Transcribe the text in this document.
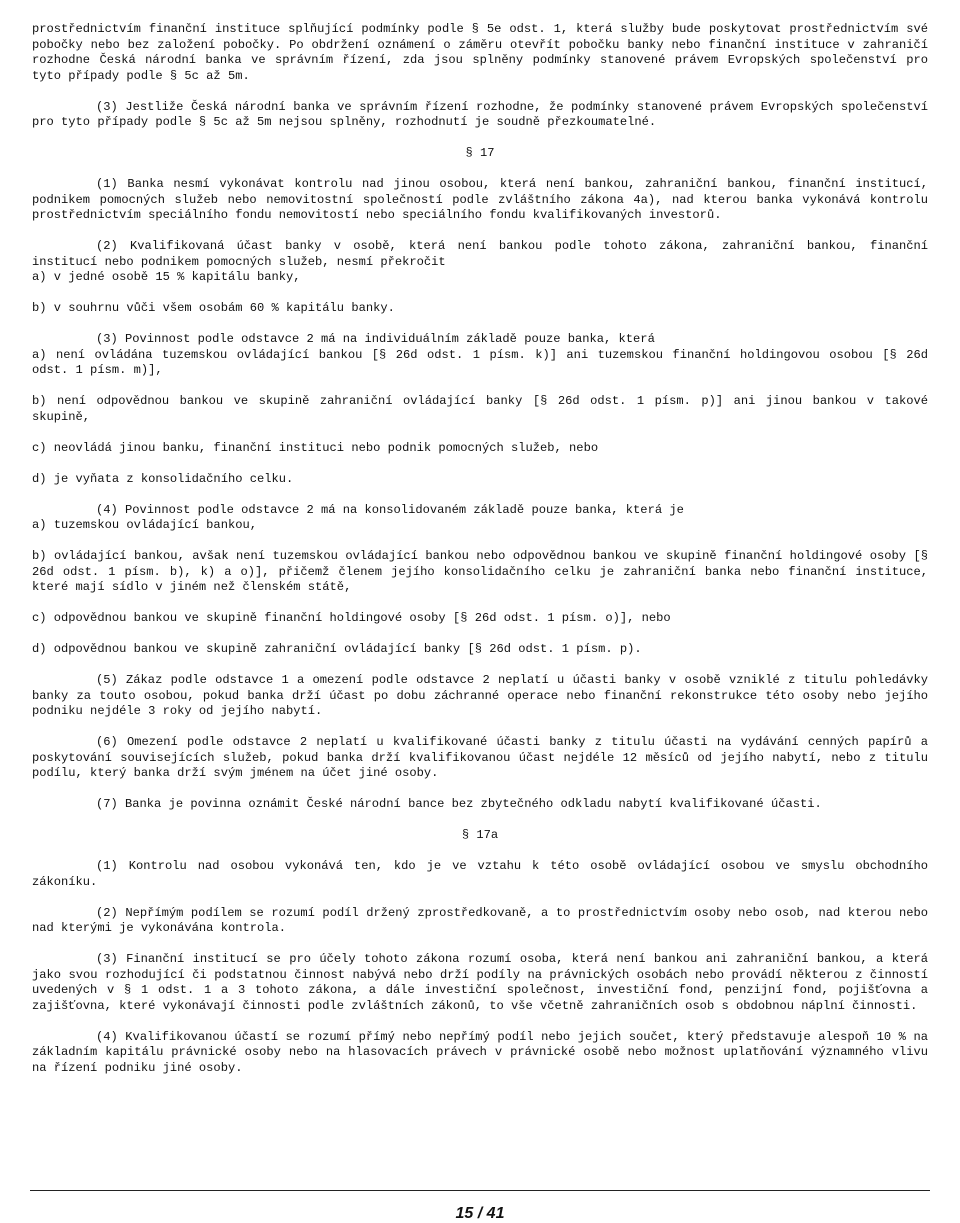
prostřednictvím finanční instituce splňující podmínky podle § 5e odst. 1, která služby bude poskytovat prostřednictvím své pobočky nebo bez založení pobočky. Po obdržení oznámení o záměru otevřít pobočku banky nebo finanční instituce v zahraničí rozhodne Česká národní banka ve správním řízení, zda jsou splněny podmínky stanovené právem Evropských společenství pro tyto případy podle § 5c až 5m.

(3) Jestliže Česká národní banka ve správním řízení rozhodne, že podmínky stanovené právem Evropských společenství pro tyto případy podle § 5c až 5m nejsou splněny, rozhodnutí je soudně přezkoumatelné.

§ 17

(1) Banka nesmí vykonávat kontrolu nad jinou osobou, která není bankou, zahraniční bankou, finanční institucí, podnikem pomocných služeb nebo nemovitostní společností podle zvláštního zákona 4a), nad kterou banka vykonává kontrolu prostřednictvím speciálního fondu nemovitostí nebo speciálního fondu kvalifikovaných investorů.

(2) Kvalifikovaná účast banky v osobě, která není bankou podle tohoto zákona, zahraniční bankou, finanční institucí nebo podnikem pomocných služeb, nesmí překročit

a) v jedné osobě 15 % kapitálu banky,

b) v souhrnu vůči všem osobám 60 % kapitálu banky.

(3) Povinnost podle odstavce 2 má na individuálním základě pouze banka, která

a) není ovládána tuzemskou ovládající bankou [§ 26d odst. 1 písm. k)] ani tuzemskou finanční holdingovou osobou [§ 26d odst. 1 písm. m)],

b) není odpovědnou bankou ve skupině zahraniční ovládající banky [§ 26d odst. 1 písm. p)] ani jinou bankou v takové skupině,

c) neovládá jinou banku, finanční instituci nebo podnik pomocných služeb, nebo

d) je vyňata z konsolidačního celku.

(4) Povinnost podle odstavce 2 má na konsolidovaném základě pouze banka, která je

a) tuzemskou ovládající bankou,

b) ovládající bankou, avšak není tuzemskou ovládající bankou nebo odpovědnou bankou ve skupině finanční holdingové osoby [§ 26d odst. 1 písm. b), k) a o)], přičemž členem jejího konsolidačního celku je zahraniční banka nebo finanční instituce, které mají sídlo v jiném než členském státě,

c) odpovědnou bankou ve skupině finanční holdingové osoby [§ 26d odst. 1 písm. o)], nebo

d) odpovědnou bankou ve skupině zahraniční ovládající banky [§ 26d odst. 1 písm. p).

(5) Zákaz podle odstavce 1 a omezení podle odstavce 2 neplatí u účasti banky v osobě vzniklé z titulu pohledávky banky za touto osobou, pokud banka drží účast po dobu záchranné operace nebo finanční rekonstrukce této osoby nebo jejího podniku nejdéle 3 roky od jejího nabytí.

(6) Omezení podle odstavce 2 neplatí u kvalifikované účasti banky z titulu účasti na vydávání cenných papírů a poskytování souvisejících služeb, pokud banka drží kvalifikovanou účast nejdéle 12 měsíců od jejího nabytí, nebo z titulu podílu, který banka drží svým jménem na účet jiné osoby.

(7) Banka je povinna oznámit České národní bance bez zbytečného odkladu nabytí kvalifikované účasti.

§ 17a

(1) Kontrolu nad osobou vykonává ten, kdo je ve vztahu k této osobě ovládající osobou ve smyslu obchodního zákoníku.

(2) Nepřímým podílem se rozumí podíl držený zprostředkovaně, a to prostřednictvím osoby nebo osob, nad kterou nebo nad kterými je vykonávána kontrola.

(3) Finanční institucí se pro účely tohoto zákona rozumí osoba, která není bankou ani zahraniční bankou, a která jako svou rozhodující či podstatnou činnost nabývá nebo drží podíly na právnických osobách nebo provádí některou z činností uvedených v § 1 odst. 1 a 3 tohoto zákona, a dále investiční společnost, investiční fond, penzijní fond, pojišťovna a zajišťovna, které vykonávají činnosti podle zvláštních zákonů, to vše včetně zahraničních osob s obdobnou náplní činnosti.

(4) Kvalifikovanou účastí se rozumí přímý nebo nepřímý podíl nebo jejich součet, který představuje alespoň 10 % na základním kapitálu právnické osoby nebo na hlasovacích právech v právnické osobě nebo možnost uplatňování významného vlivu na řízení podniku jiné osoby.

15 / 41
